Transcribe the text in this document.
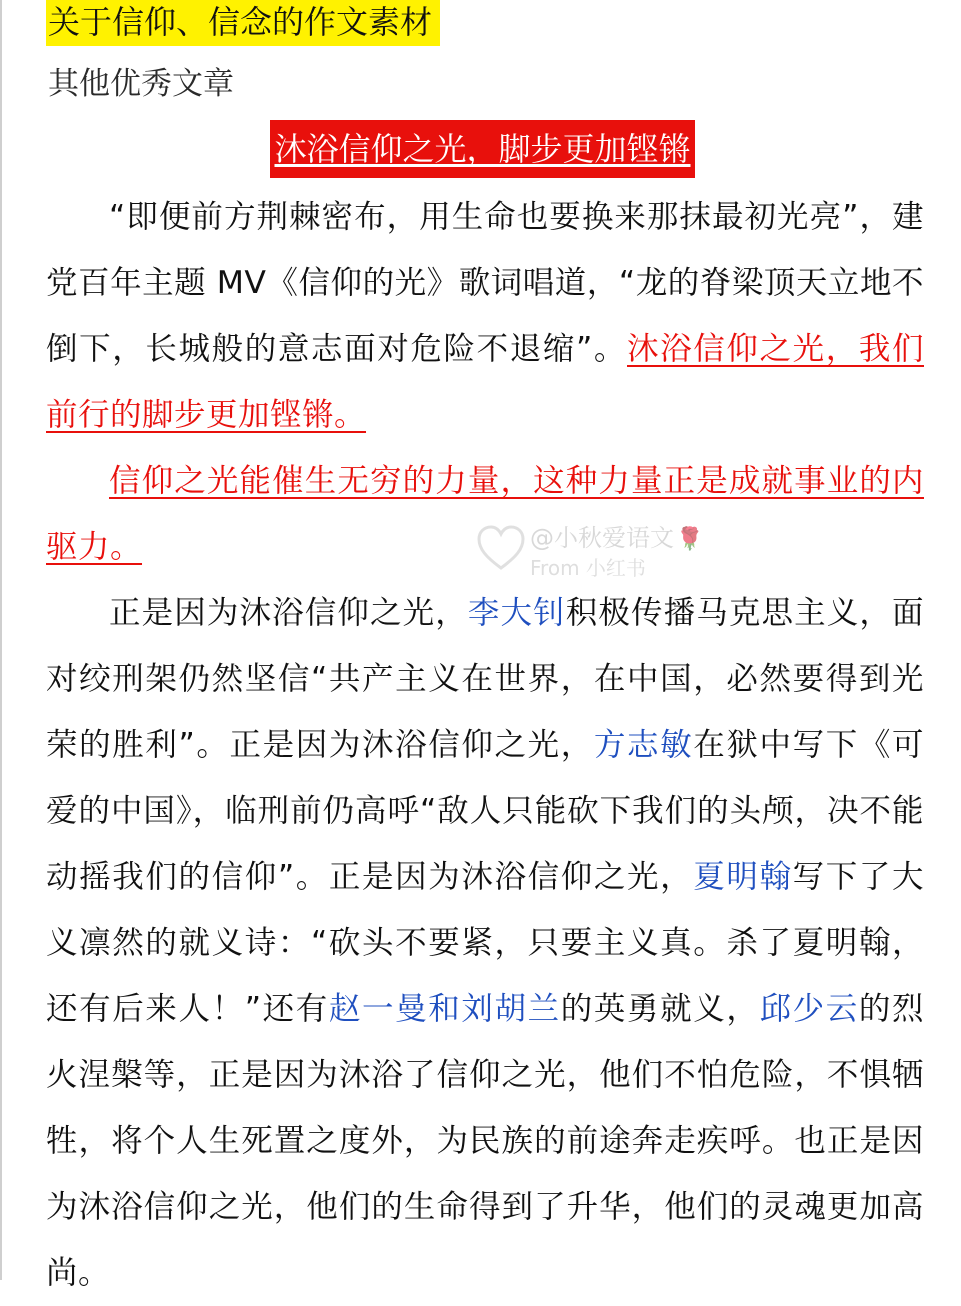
关于信仰、信念的作文素材
其他优秀文章
沐浴信仰之光，脚步更加铿锵

“即便前方荆棘密布，用生命也要换来那抹最初光亮”，建党百年主题 MV《信仰的光》歌词唱道，“龙的脊梁顶天立地不倒下，长城般的意志面对危险不退缩”。沐浴信仰之光，我们前行的脚步更加铿锵。

信仰之光能催生无穷的力量，这种力量正是成就事业的内驱力。

正是因为沐浴信仰之光，李大钊积极传播马克思主义，面对绞刑架仍然坚信“共产主义在世界，在中国，必然要得到光荣的胜利”。正是因为沐浴信仰之光，方志敏在狱中写下《可爱的中国》，临刑前仍高呼“敌人只能砍下我们的头颅，决不能动摇我们的信仰”。正是因为沐浴信仰之光，夏明翰写下了大义凛然的就义诗：“砍头不要紧，只要主义真。杀了夏明翰，还有后来人！”还有赵一曼和刘胡兰的英勇就义，邱少云的烈火涅槃等，正是因为沐浴了信仰之光，他们不怕危险，不惧牺牲，将个人生死置之度外，为民族的前途奔走疾呼。也正是因为沐浴信仰之光，他们的生命得到了升华，他们的灵魂更加高尚。

@小秋爱语文🌹
From 小红书
